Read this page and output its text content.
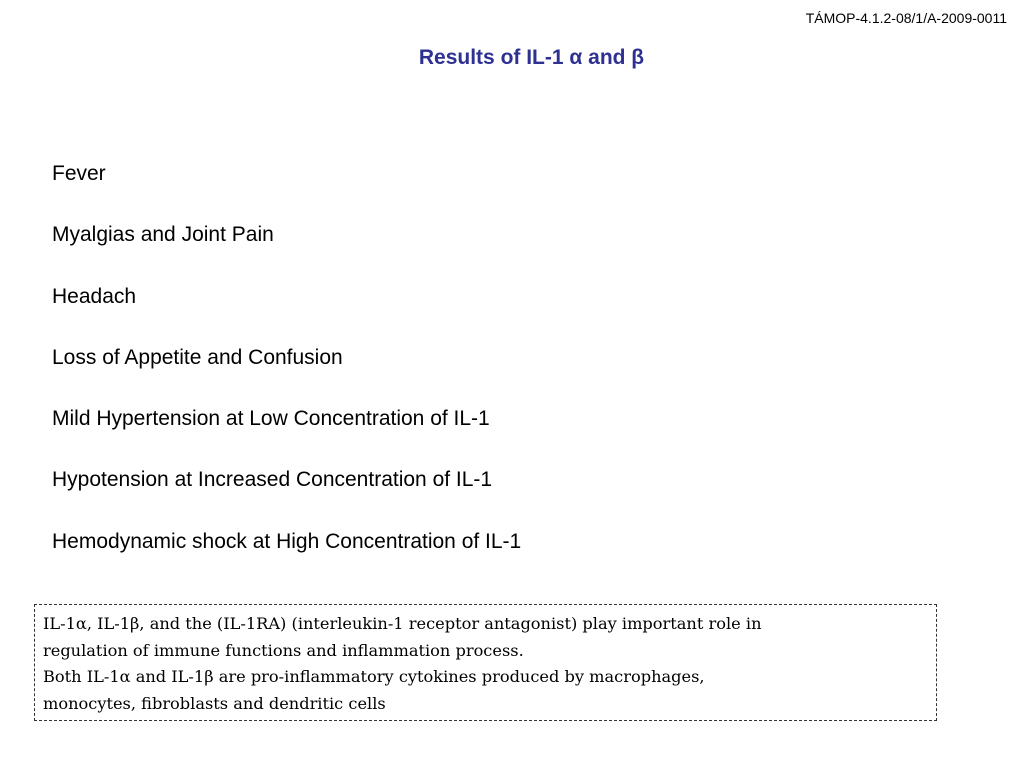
TÁMOP-4.1.2-08/1/A-2009-0011
Results of IL-1 α and β
Fever
Myalgias and Joint Pain
Headach
Loss of Appetite and Confusion
Mild Hypertension at Low Concentration of IL-1
Hypotension at Increased Concentration of IL-1
Hemodynamic shock at High Concentration of IL-1

IL-1α, IL-1β, and the (IL-1RA) (interleukin-1 receptor antagonist) play important role in

regulation of immune functions and inflammation process.

Both IL-1α and IL-1β are pro-inflammatory cytokines produced by macrophages,

monocytes, fibroblasts and dendritic cells
